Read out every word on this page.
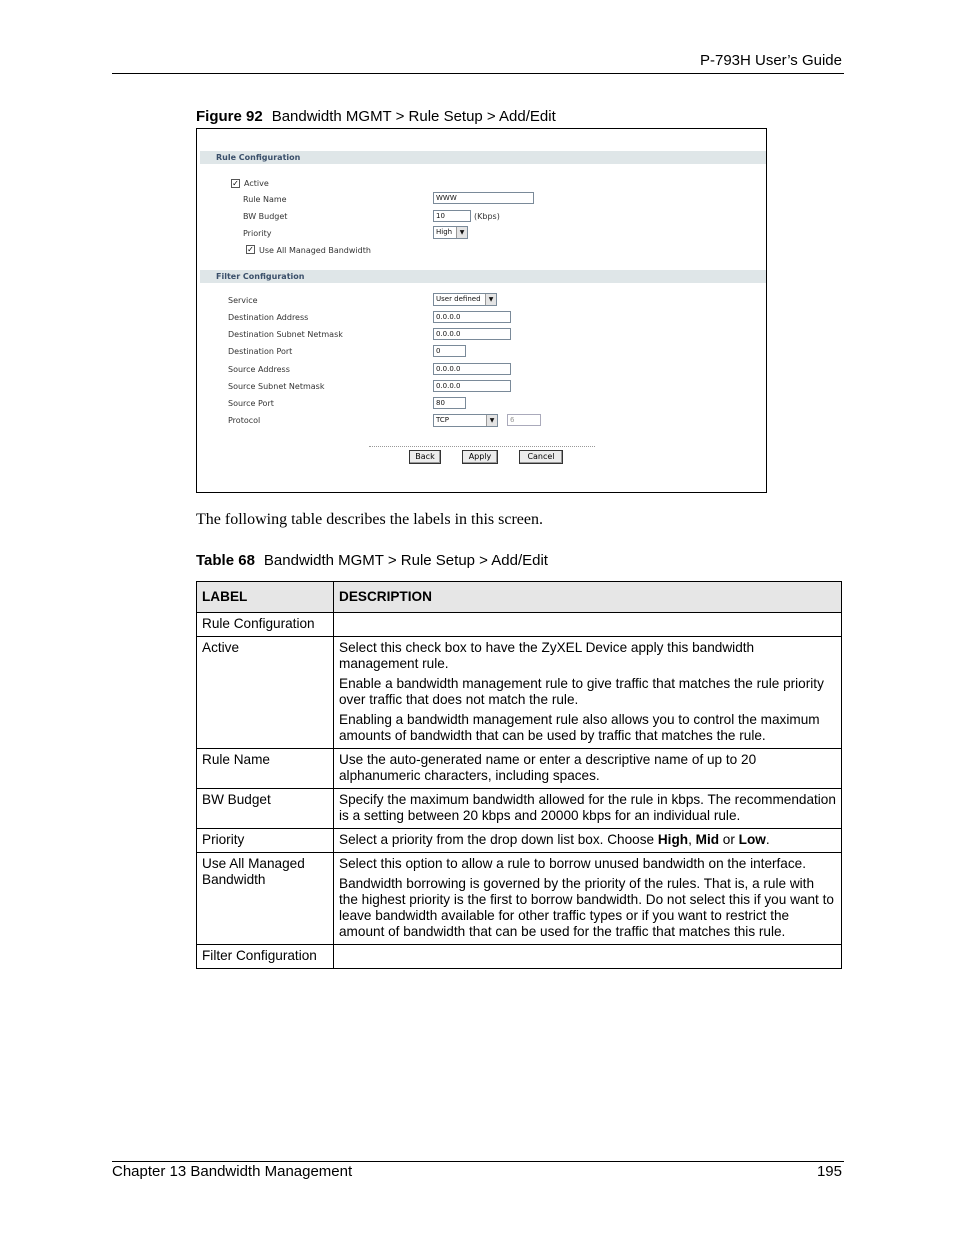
P-793H User’s Guide
Figure 92 Bandwidth MGMT > Rule Setup > Add/Edit
Rule Configuration
✓ Active
Rule Name	WWW
BW Budget	10	(Kbps)
Priority	High	▼
✓ Use All Managed Bandwidth
Filter Configuration
Service	User defined	▼
Destination Address	0.0.0.0
Destination Subnet Netmask	0.0.0.0
Destination Port	0
Source Address	0.0.0.0
Source Subnet Netmask	0.0.0.0
Source Port	80
Protocol	TCP	▼	6
Back	Apply	Cancel
The following table describes the labels in this screen.
Table 68 Bandwidth MGMT > Rule Setup > Add/Edit
LABEL	DESCRIPTION
Rule Configuration	
Active	Select this check box to have the ZyXEL Device apply this bandwidth management rule.

Enable a bandwidth management rule to give traffic that matches the rule priority over traffic that does not match the rule.

Enabling a bandwidth management rule also allows you to control the maximum amounts of bandwidth that can be used by traffic that matches the rule.

Rule Name	Use the auto-generated name or enter a descriptive name of up to 20 alphanumeric characters, including spaces.

BW Budget	Specify the maximum bandwidth allowed for the rule in kbps. The recommendation is a setting between 20 kbps and 20000 kbps for an individual rule.

Priority	Select a priority from the drop down list box. Choose High, Mid or Low.
Use All Managed Bandwidth	Select this option to allow a rule to borrow unused bandwidth on the interface.

Bandwidth borrowing is governed by the priority of the rules. That is, a rule with the highest priority is the first to borrow bandwidth. Do not select this if you want to leave bandwidth available for other traffic types or if you want to restrict the amount of bandwidth that can be used for the traffic that matches this rule.

Filter Configuration	
Chapter 13 Bandwidth Management	195
